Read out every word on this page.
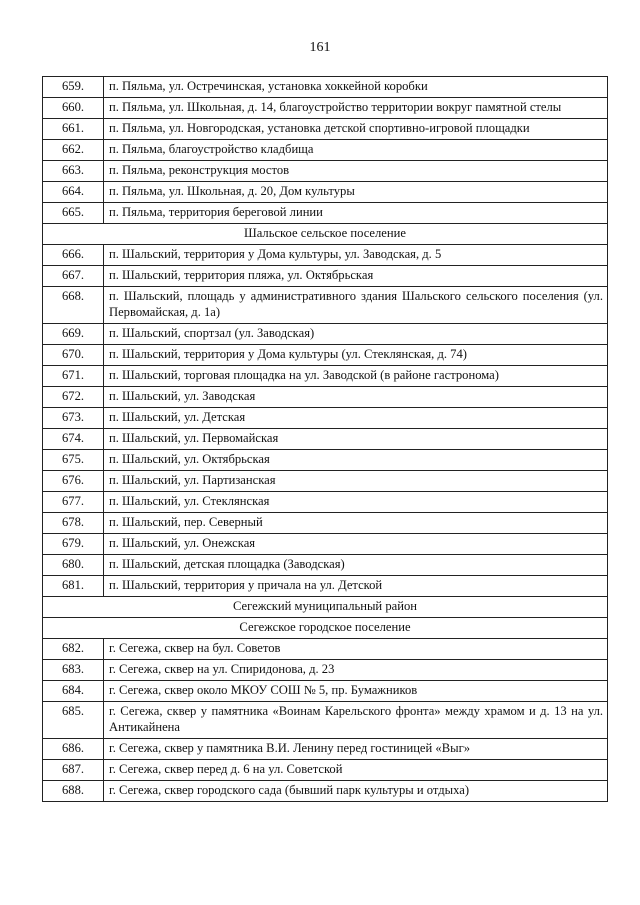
161
659.	п. Пяльма, ул. Остречинская, установка хоккейной коробки
660.	п. Пяльма, ул. Школьная, д. 14, благоустройство территории вокруг памятной стелы
661.	п. Пяльма, ул. Новгородская, установка детской спортивно-игровой площадки
662.	п. Пяльма, благоустройство кладбища
663.	п. Пяльма, реконструкция мостов
664.	п. Пяльма, ул. Школьная, д. 20, Дом культуры
665.	п. Пяльма, территория береговой линии
Шальское сельское поселение	
666.	п. Шальский, территория у Дома культуры, ул. Заводская, д. 5
667.	п. Шальский, территория пляжа, ул. Октябрьская
668.	п. Шальский, площадь у административного здания Шальского сельского поселения (ул. Первомайская, д. 1а)
669.	п. Шальский, спортзал (ул. Заводская)
670.	п. Шальский, территория у Дома культуры (ул. Стеклянская, д. 74)
671.	п. Шальский, торговая площадка на ул. Заводской (в районе гастронома)
672.	п. Шальский, ул. Заводская
673.	п. Шальский, ул. Детская
674.	п. Шальский, ул. Первомайская
675.	п. Шальский, ул. Октябрьская
676.	п. Шальский, ул. Партизанская
677.	п. Шальский, ул. Стеклянская
678.	п. Шальский, пер. Северный
679.	п. Шальский, ул. Онежская
680.	п. Шальский, детская площадка (Заводская)
681.	п. Шальский, территория у причала на ул. Детской
Сегежский муниципальный район	
Сегежское городское поселение	
682.	г. Сегежа, сквер на бул. Советов
683.	г. Сегежа, сквер на ул. Спиридонова, д. 23
684.	г. Сегежа, сквер около МКОУ СОШ № 5, пр. Бумажников
685.	г. Сегежа, сквер у памятника «Воинам Карельского фронта» между храмом и д. 13 на ул. Антикайнена
686.	г. Сегежа, сквер у памятника В.И. Ленину перед гостиницей «Выг»
687.	г. Сегежа, сквер перед д. 6 на ул. Советской
688.	г. Сегежа, сквер городского сада (бывший парк культуры и отдыха)
